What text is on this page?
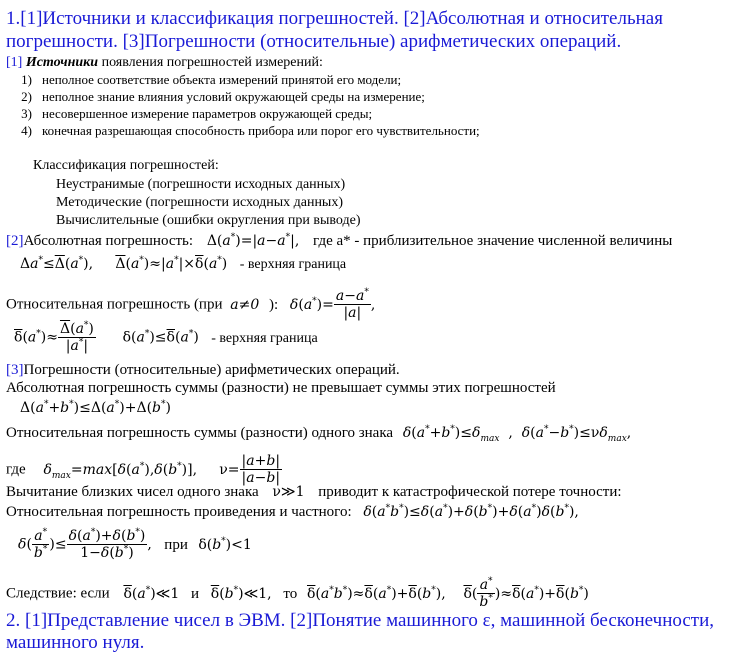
1.[1]Источники и классификация погрешностей. [2]Абсолютная и относительная
погрешности. [3]Погрешности (относительные) арифметических операций.
[1] Источники появления погрешностей измерений:
1) неполное соответствие объекта измерений принятой его модели;
2) неполное знание влияния условий окружающей среды на измерение;
3) несовершенное измерение параметров окружающей среды;
4) конечная разрешающая способность прибора или порог его чувствительности;
Классификация погрешностей:
Неустранимые (погрешности исходных данных)
Методические (погрешности исходных данных)
Вычислительные (ошибки округления при выводе)
[2]Абсолютная погрешность: Δ(a*)=|a−a*|, где a* - приблизительное значение численной величины
$\Delta a^*\le\overline{\Delta}(a^*)$,     $\overline{\Delta}(a^*)\approx|a^*|\times\overline{\delta}(a^*)$ - верхняя граница
Относительная погрешность (при a≠0 ): $\delta(a^*)= \frac{a-a^*}{|a|}$ ,
$\overline{\delta}(a^*)\approx \frac{\overline{\Delta}(a^*)}{|a^*|} \delta(a^*)\le\overline{\delta}(a^*)$ - верхняя граница
[3]Погрешности (относительные) арифметических операций.
Абсолютная погрешность суммы (разности) не превышает суммы этих погрешностей
Δ(a*+b*)≤Δ(a*)+Δ(b*)
Относительная погрешность суммы (разности) одного знака $\delta(a^*+b^*)\le\delta_{max}$  ,  $\delta(a^*-b^*)\le\nu\delta_{max}$,
где $\delta_{max}=\max[\delta(a^*),\delta(b^*)]$,     $\nu= \frac{|a+b|}{|a-b|}$
Вычитание близких чисел одного знака ν≫1 приводит к катастрофической потере точности:
Относительная погрешность проиведения и частного: δ(a*b*)≤δ(a*)+δ(b*)+δ(a*)δ(b*),
$\delta( \frac{a^*}{b^*}$ )≤ $\frac{\delta(a^*)+\delta(b^*)}{1-\delta(b^*)}$ , при δ(b*)<1
Следствие: если $\overline{\delta}(a^*)≪1$ и $\overline{\delta}(b^*)≪1$, то $\overline{\delta}(a^*b^*)\approx\overline{\delta}(a^*)+\overline{\delta}(b^*)$,    $\overline{\delta}( \frac{a^*}{b^*} )\approx\overline{\delta}(a^*)+\overline{\delta}(b^*)$
2. [1]Представление чисел в ЭВМ. [2]Понятие машинного ε, машинной бесконечности,
машинного нуля.
